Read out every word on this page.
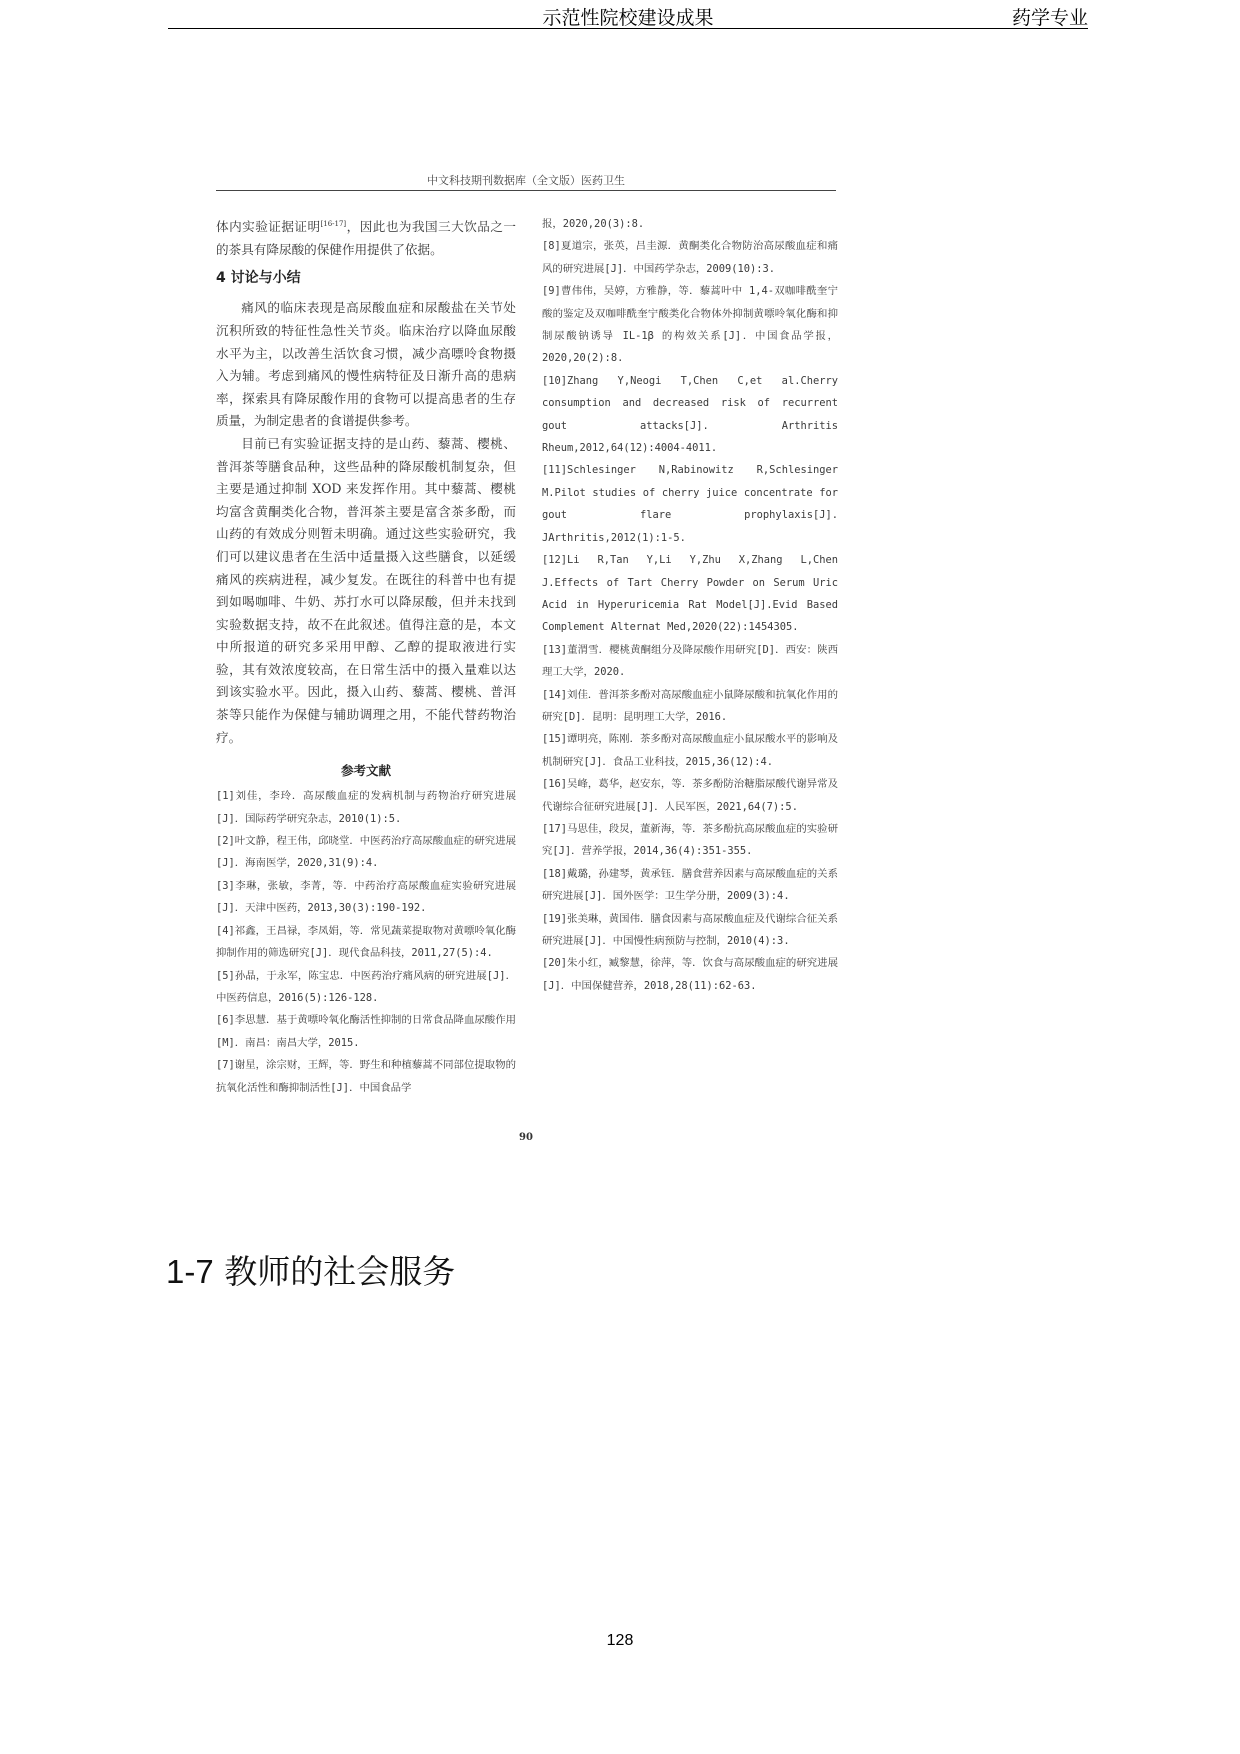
示范性院校建设成果	药学专业
中文科技期刊数据库（全文版）医药卫生

体内实验证据证明[16-17]，因此也为我国三大饮品之一的茶具有降尿酸的保健作用提供了依据。

4 讨论与小结

痛风的临床表现是高尿酸血症和尿酸盐在关节处沉积所致的特征性急性关节炎。临床治疗以降血尿酸水平为主，以改善生活饮食习惯，减少高嘌呤食物摄入为辅。考虑到痛风的慢性病特征及日渐升高的患病率，探索具有降尿酸作用的食物可以提高患者的生存质量，为制定患者的食谱提供参考。

目前已有实验证据支持的是山药、藜蒿、樱桃、普洱茶等膳食品种，这些品种的降尿酸机制复杂，但主要是通过抑制 XOD 来发挥作用。其中藜蒿、樱桃均富含黄酮类化合物，普洱茶主要是富含茶多酚，而山药的有效成分则暂未明确。通过这些实验研究，我们可以建议患者在生活中适量摄入这些膳食，以延缓痛风的疾病进程，减少复发。在既往的科普中也有提到如喝咖啡、牛奶、苏打水可以降尿酸，但并未找到实验数据支持，故不在此叙述。值得注意的是，本文中所报道的研究多采用甲醇、乙醇的提取液进行实验，其有效浓度较高，在日常生活中的摄入量难以达到该实验水平。因此，摄入山药、藜蒿、樱桃、普洱茶等只能作为保健与辅助调理之用，不能代替药物治疗。

参考文献

[1]刘佳，李玲．高尿酸血症的发病机制与药物治疗研究进展[J]．国际药学研究杂志，2010(1):5.

[2]叶文静，程王伟，邱晓堂．中医药治疗高尿酸血症的研究进展[J]．海南医学，2020,31(9):4.

[3]李琳，张敏，李菁，等．中药治疗高尿酸血症实验研究进展[J]．天津中医药，2013,30(3):190-192.

[4]祁鑫，王昌禄，李凤娟，等．常见蔬菜提取物对黄嘌呤氧化酶抑制作用的筛选研究[J]．现代食品科技，2011,27(5):4.

[5]孙晶，于永军，陈宝忠．中医药治疗痛风病的研究进展[J]．中医药信息，2016(5):126-128.

[6]李思慧．基于黄嘌呤氧化酶活性抑制的日常食品降血尿酸作用[M]．南昌：南昌大学，2015.

[7]谢星，涂宗财，王辉，等．野生和种植藜蒿不同部位提取物的抗氧化活性和酶抑制活性[J]．中国食品学

报，2020,20(3):8.

[8]夏道宗，张英，吕圭源．黄酮类化合物防治高尿酸血症和痛风的研究进展[J]．中国药学杂志，2009(10):3.

[9]曹伟伟，吴婷，方雅静，等．藜蒿叶中 1,4-双咖啡酰奎宁酸的鉴定及双咖啡酰奎宁酸类化合物体外抑制黄嘌呤氧化酶和抑制尿酸钠诱导 IL-1β 的构效关系[J]．中国食品学报，2020,20(2):8.

[10]Zhang Y,Neogi T,Chen C,et al.Cherry consumption and decreased risk of recurrent gout attacks[J]. Arthritis Rheum,2012,64(12):4004-4011.

[11]Schlesinger N,Rabinowitz R,Schlesinger M.Pilot studies of cherry juice concentrate for gout flare prophylaxis[J]. JArthritis,2012(1):1-5.

[12]Li R,Tan Y,Li Y,Zhu X,Zhang L,Chen J.Effects of Tart Cherry Powder on Serum Uric Acid in Hyperuricemia Rat Model[J].Evid Based Complement Alternat Med,2020(22):1454305.

[13]董渭雪．樱桃黄酮组分及降尿酸作用研究[D]．西安：陕西理工大学，2020.

[14]刘佳．普洱茶多酚对高尿酸血症小鼠降尿酸和抗氧化作用的研究[D]．昆明：昆明理工大学，2016.

[15]谭明亮，陈刚．茶多酚对高尿酸血症小鼠尿酸水平的影响及机制研究[J]．食品工业科技，2015,36(12):4.

[16]吴峰，葛华，赵安东，等．茶多酚防治糖脂尿酸代谢异常及代谢综合征研究进展[J]．人民军医，2021,64(7):5.

[17]马思佳，段炅，董新海，等．茶多酚抗高尿酸血症的实验研究[J]．营养学报，2014,36(4):351-355.

[18]戴璐，孙建琴，黄承钰．膳食营养因素与高尿酸血症的关系研究进展[J]．国外医学：卫生学分册，2009(3):4.

[19]张美琳，黄国伟．膳食因素与高尿酸血症及代谢综合征关系研究进展[J]．中国慢性病预防与控制，2010(4):3.

[20]朱小红，臧黎慧，徐萍，等．饮食与高尿酸血症的研究进展[J]．中国保健营养，2018,28(11):62-63.

90
1-7 教师的社会服务
128
